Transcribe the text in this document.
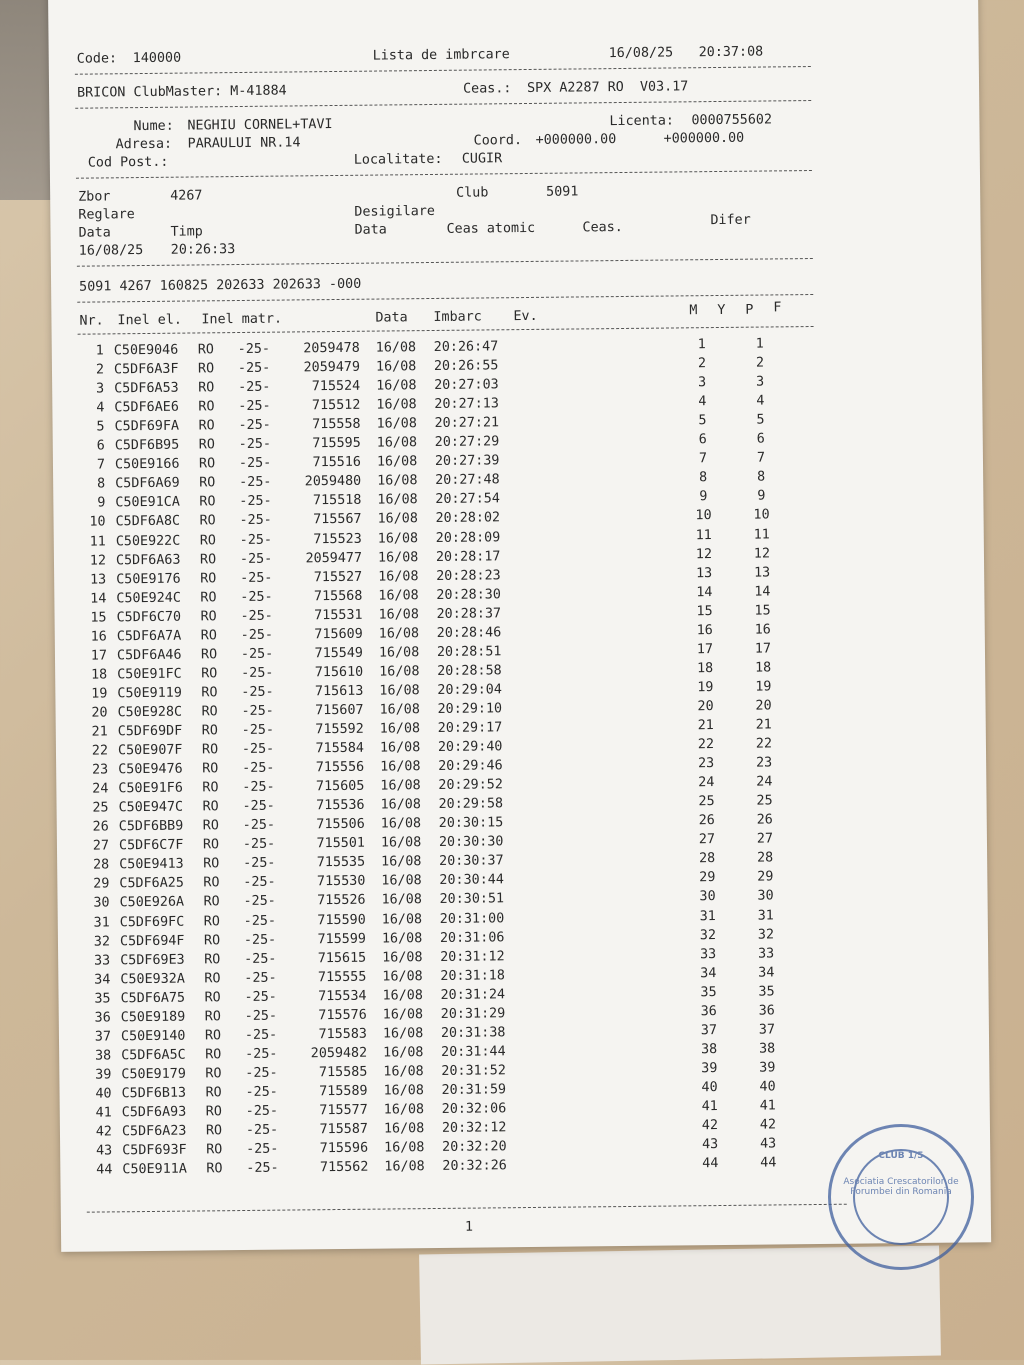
Code: 140000	Lista de imbrcare	16/08/25 20:37:08
BRICON ClubMaster: M-41884	Ceas.: SPX A2287 RO  V03.17
Nume: NEGHIU CORNEL+TAVI	Licenta: 0000755602
Adresa: PARAULUI NR.14	Coord. +000000.00	+000000.00
Cod Post.:	Localitate: CUGIR
Zbor	4267	Club	5091
Reglare	Desigilare
Data	Timp	Data	Ceas atomic	Ceas.	Difer
16/08/25 20:26:33
5091 4267 160825 202633 202633 -000
Nr. Inel el. Inel matr.	Data Imbarc Ev.	M Y P F
1 C50E9046 RO -25-	2059478 16/08 20:26:47	1	1
2 C5DF6A3F RO -25-	2059479 16/08 20:26:55	2	2
3 C5DF6A53 RO -25-	715524 16/08 20:27:03	3	3
4 C5DF6AE6 RO -25-	715512 16/08 20:27:13	4	4
5 C5DF69FA RO -25-	715558 16/08 20:27:21	5	5
6 C5DF6B95 RO -25-	715595 16/08 20:27:29	6	6
7 C50E9166 RO -25-	715516 16/08 20:27:39	7	7
8 C5DF6A69 RO -25-	2059480 16/08 20:27:48	8	8
9 C50E91CA RO -25-	715518 16/08 20:27:54	9	9
10 C5DF6A8C RO -25-	715567 16/08 20:28:02	10	10
11 C50E922C RO -25-	715523 16/08 20:28:09	11	11
12 C5DF6A63 RO -25-	2059477 16/08 20:28:17	12	12
13 C50E9176 RO -25-	715527 16/08 20:28:23	13	13
14 C50E924C RO -25-	715568 16/08 20:28:30	14	14
15 C5DF6C70 RO -25-	715531 16/08 20:28:37	15	15
16 C5DF6A7A RO -25-	715609 16/08 20:28:46	16	16
17 C5DF6A46 RO -25-	715549 16/08 20:28:51	17	17
18 C50E91FC RO -25-	715610 16/08 20:28:58	18	18
19 C50E9119 RO -25-	715613 16/08 20:29:04	19	19
20 C50E928C RO -25-	715607 16/08 20:29:10	20	20
21 C5DF69DF RO -25-	715592 16/08 20:29:17	21	21
22 C50E907F RO -25-	715584 16/08 20:29:40	22	22
23 C50E9476 RO -25-	715556 16/08 20:29:46	23	23
24 C50E91F6 RO -25-	715605 16/08 20:29:52	24	24
25 C50E947C RO -25-	715536 16/08 20:29:58	25	25
26 C5DF6BB9 RO -25-	715506 16/08 20:30:15	26	26
27 C5DF6C7F RO -25-	715501 16/08 20:30:30	27	27
28 C50E9413 RO -25-	715535 16/08 20:30:37	28	28
29 C5DF6A25 RO -25-	715530 16/08 20:30:44	29	29
30 C50E926A RO -25-	715526 16/08 20:30:51	30	30
31 C5DF69FC RO -25-	715590 16/08 20:31:00	31	31
32 C5DF694F RO -25-	715599 16/08 20:31:06	32	32
33 C5DF69E3 RO -25-	715615 16/08 20:31:12	33	33
34 C50E932A RO -25-	715555 16/08 20:31:18	34	34
35 C5DF6A75 RO -25-	715534 16/08 20:31:24	35	35
36 C50E9189 RO -25-	715576 16/08 20:31:29	36	36
37 C50E9140 RO -25-	715583 16/08 20:31:38	37	37
38 C5DF6A5C RO -25-	2059482 16/08 20:31:44	38	38
39 C50E9179 RO -25-	715585 16/08 20:31:52	39	39
40 C5DF6B13 RO -25-	715589 16/08 20:31:59	40	40
41 C5DF6A93 RO -25-	715577 16/08 20:32:06	41	41
42 C5DF6A23 RO -25-	715587 16/08 20:32:12	42	42
43 C5DF693F RO -25-	715596 16/08 20:32:20	43	43
44 C50E911A RO -25-	715562 16/08 20:32:26	44	44
1
CLUB 1/5
Asociatia Crescatorilor de Porumbei din Romania
